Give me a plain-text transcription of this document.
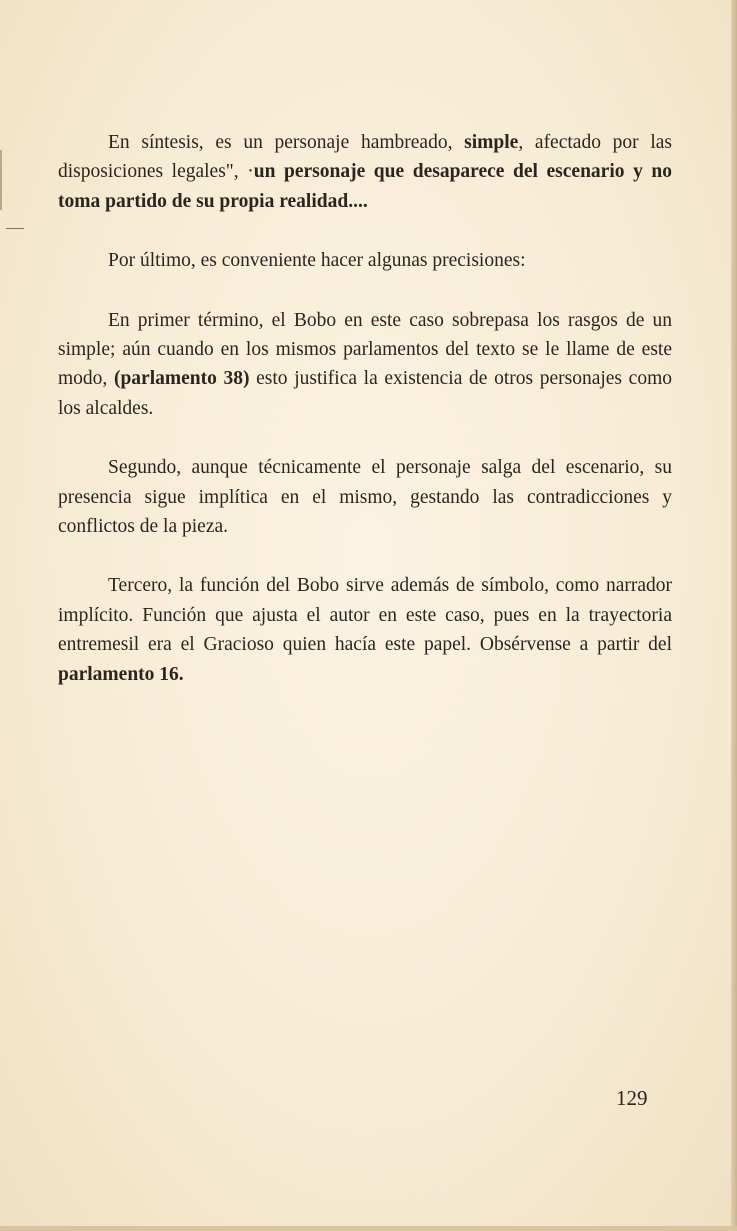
En síntesis, es un personaje hambreado, simple, afectado por las disposiciones legales", ·un personaje que desaparece del escenario y no toma partido de su propia realidad....

Por último, es conveniente hacer algunas precisiones:

En primer término, el Bobo en este caso sobrepasa los rasgos de un simple; aún cuando en los mismos parlamentos del texto se le llame de este modo, (parlamento 38) esto justifica la existencia de otros personajes como los alcaldes.

Segundo, aunque técnicamente el personaje salga del escenario, su presencia sigue implítica en el mismo, gestando las contradicciones y conflictos de la pieza.

Tercero, la función del Bobo sirve además de símbolo, como narrador implícito. Función que ajusta el autor en este caso, pues en la trayectoria entremesil era el Gracioso quien hacía este papel. Obsérvense a partir del parlamento 16.

129
